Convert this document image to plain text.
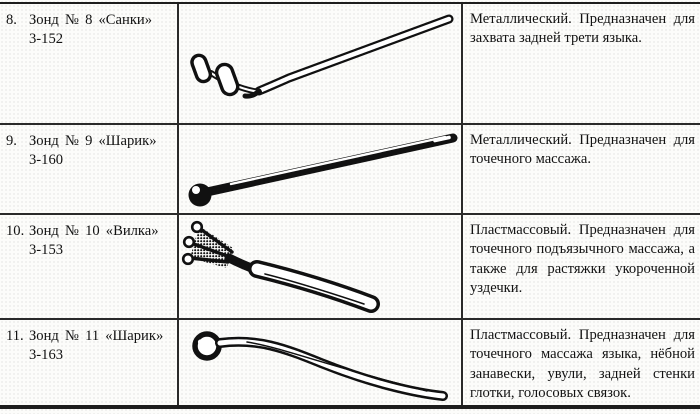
8. Зонд № 8 «Санки»
3-152
Металлический. Предназначен для захвата задней трети языка.
9. Зонд № 9 «Шарик»
3-160
Металлический. Предназначен для точечного массажа.
10. Зонд № 10 «Вилка»
3-153
Пластмассовый. Предназначен для точечного подъязычного массажа, а также для растяжки укороченной уздечки.
11. Зонд № 11 «Шарик»
3-163
Пластмассовый. Предназначен для точечного массажа языка, нёбной занавески, увули, задней стенки глотки, голосовых связок.
